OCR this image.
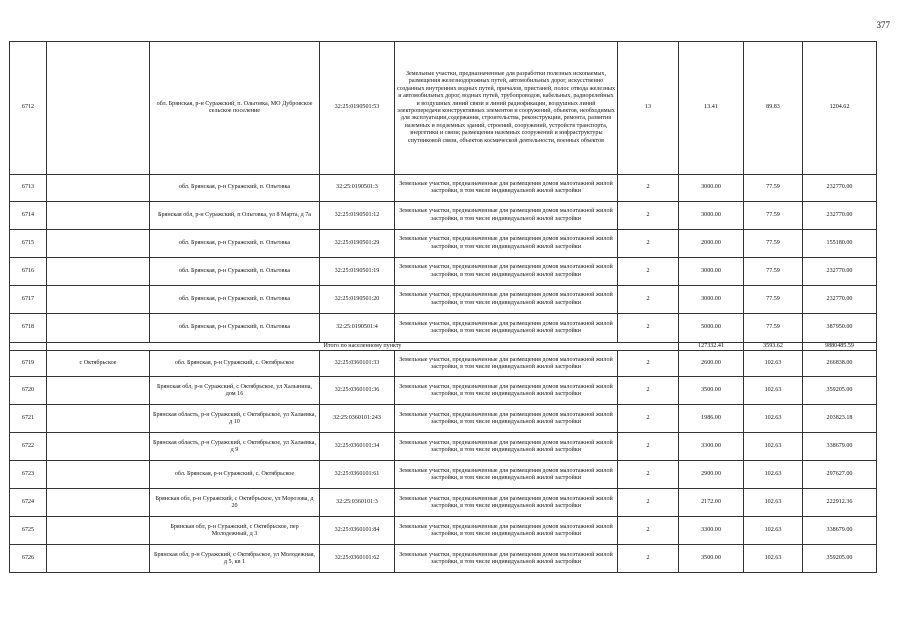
377
6712		обл. Брянская, р-н Суражский, п. Ольговка, МО Дубровское сельское поселение	32:25:0190501:53	Земельные участки, предназначенные для разработки полезных ископаемых, размещения железнодорожных путей, автомобильных дорог, искусственно созданных внутренних водных путей, причалов, пристаней, полос отвода железных и автомобильных дорог, водных путей, трубопроводов, кабельных, радиорелейных и воздушных линий связи и линий радиофикации, воздушных линий электропередачи конструктивных элементов и сооружений, объектов, необходимых для эксплуатации,содержания, строительства, реконструкции, ремонта, развития наземных и подземных зданий, строений, сооружений, устройств транспорта, энергетики и связи; размещения наземных сооружений и инфраструктуры спутниковой связи, объектов космической деятельности, военных объектов	13	13.41	89.83	1204.62
6713		обл. Брянская, р-н Суражский, п. Ольговка	32:25:0190501:3	Земельные участки, предназначенные для размещения домов малоэтажной жилой застройки, в том числе индивидуальной жилой застройки	2	3000.00	77.59	232770.00
6714		Брянская обл, р-н Суражский, п Ольговка, ул 8 Марта, д 7а	32:25:0190501:12	Земельные участки, предназначенные для размещения домов малоэтажной жилой застройки, в том числе индивидуальной жилой застройки	2	3000.00	77.59	232770.00
6715		обл. Брянская, р-н Суражский, п. Ольговка	32:25:0190501:29	Земельные участки, предназначенные для размещения домов малоэтажной жилой застройки, в том числе индивидуальной жилой застройки	2	2000.00	77.59	155180.00
6716		обл. Брянская, р-н Суражский, п. Ольговка	32:25:0190501:19	Земельные участки, предназначенные для размещения домов малоэтажной жилой застройки, в том числе индивидуальной жилой застройки	2	3000.00	77.59	232770.00
6717		обл. Брянская, р-н Суражский, п. Ольговка	32:25:0190501:20	Земельные участки, предназначенные для размещения домов малоэтажной жилой застройки, в том числе индивидуальной жилой застройки	2	3000.00	77.59	232770.00
6718		обл. Брянская, р-н Суражский, п. Ольговка	32:25:0190501:4	Земельные участки, предназначенные для размещения домов малоэтажной жилой застройки, в том числе индивидуальной жилой застройки	2	5000.00	77.59	387950.00
	Итого по населенному пункту					127332.41	3593.62	9880485.59
6719	с Октябрьское	обл. Брянская, р-н Суражский, с. Октябрьское	32:25:0360101:33	Земельные участки, предназначенные для размещения домов малоэтажной жилой застройки, в том числе индивидуальной жилой застройки	2	2600.00	102.63	266838.00
6720		Брянская обл, р-н Суражский, с Октябрьское, ул Халынина, дом 16	32:25:0360101:36	Земельные участки, предназначенные для размещения домов малоэтажной жилой застройки, в том числе индивидуальной жилой застройки	2	3500.00	102.63	359205.00
6721		Брянская область, р-н Суражский, с Октябрьское, ул Халаевка, д 10	32:25:0360101:243	Земельные участки, предназначенные для размещения домов малоэтажной жилой застройки, в том числе индивидуальной жилой застройки	2	1986.00	102.63	203823.18
6722		Брянская область, р-н Суражский, с Октябрьское, ул Халаевка, д 9	32:25:0360101:34	Земельные участки, предназначенные для размещения домов малоэтажной жилой застройки, в том числе индивидуальной жилой застройки	2	3300.00	102.63	338679.00
6723		обл. Брянская, р-н Суражский, с. Октябрьское	32:25:0360101:61	Земельные участки, предназначенные для размещения домов малоэтажной жилой застройки, в том числе индивидуальной жилой застройки	2	2900.00	102.63	297627.00
6724		Брянская обл, р-н Суражский, с Октябрьское, ул Морозова, д 20	32:25:0360101:3	Земельные участки, предназначенные для размещения домов малоэтажной жилой застройки, в том числе индивидуальной жилой застройки	2	2172.00	102.63	222912.36
6725		Брянская обл, р-н Суражский, с Октябрьское, пер Молодежный, д 3	32:25:0360101:84	Земельные участки, предназначенные для размещения домов малоэтажной жилой застройки, в том числе индивидуальной жилой застройки	2	3300.00	102.63	338679.00
6726		Брянская обл, р-н Суражский, с Октябрьское, ул Молодежная, д 5, кв 1	32:25:0360101:62	Земельные участки, предназначенные для размещения домов малоэтажной жилой застройки, в том числе индивидуальной жилой застройки	2	3500.00	102.63	359205.00
